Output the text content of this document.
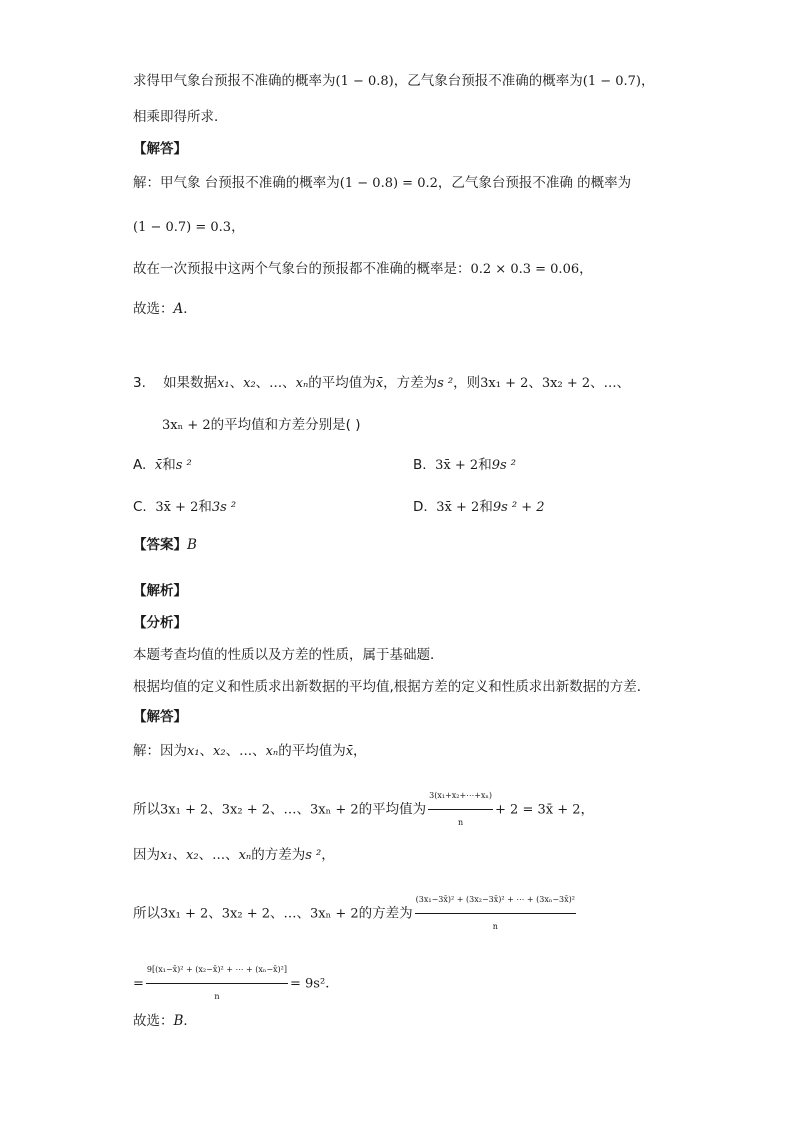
求得甲气象台预报不准确的概率为(1 − 0.8)，乙气象台预报不准确的概率为(1 − 0.7)，
相乘即得所求．
【解答】
解：甲气象 台预报不准确的概率为(1 − 0.8) = 0.2，乙气象台预报不准确 的概率为
(1 − 0.7) = 0.3，
故在一次预报中这两个气象台的预报都不准确的概率是：0.2 × 0.3 = 0.06，
故选：A．
3. 如果数据x₁、x₂、…、xₙ的平均值为x̄，方差为s ²，则3x₁ + 2、3x₂ + 2、…、
3xₙ + 2的平均值和方差分别是( )
A. x̄和s ²	B. 3x̄ + 2和9s ²
C. 3x̄ + 2和3s ²	D. 3x̄ + 2和9s ² + 2
【答案】B
【解析】
【分析】
本题考查均值的性质以及方差的性质，属于基础题．
根据均值的定义和性质求出新数据的平均值,根据方差的定义和性质求出新数据的方差．
【解答】
解：因为x₁、x₂、…、xₙ的平均值为x̄，
所以3x₁ + 2、3x₂ + 2、…、3xₙ + 2的平均值为 $\frac{\text{3(x₁+x₂+⋯+xₙ)}}{n} + 2$ = 3x̄ + 2，
因为x₁、x₂、…、xₙ的方差为s ²，
所以3x₁ + 2、3x₂ + 2、…、3xₙ + 2的方差为 $\frac{\text{(3x₁−3x̄)² + (3x₂−3x̄)² + ⋯ + (3xₙ−3x̄)²}}{n}$
= $\frac{\text{9[(x₁−x̄)² + (x₂−x̄)² + ⋯ + (xₙ−x̄)²]}}{n} = 9s^2$．
故选：B．
